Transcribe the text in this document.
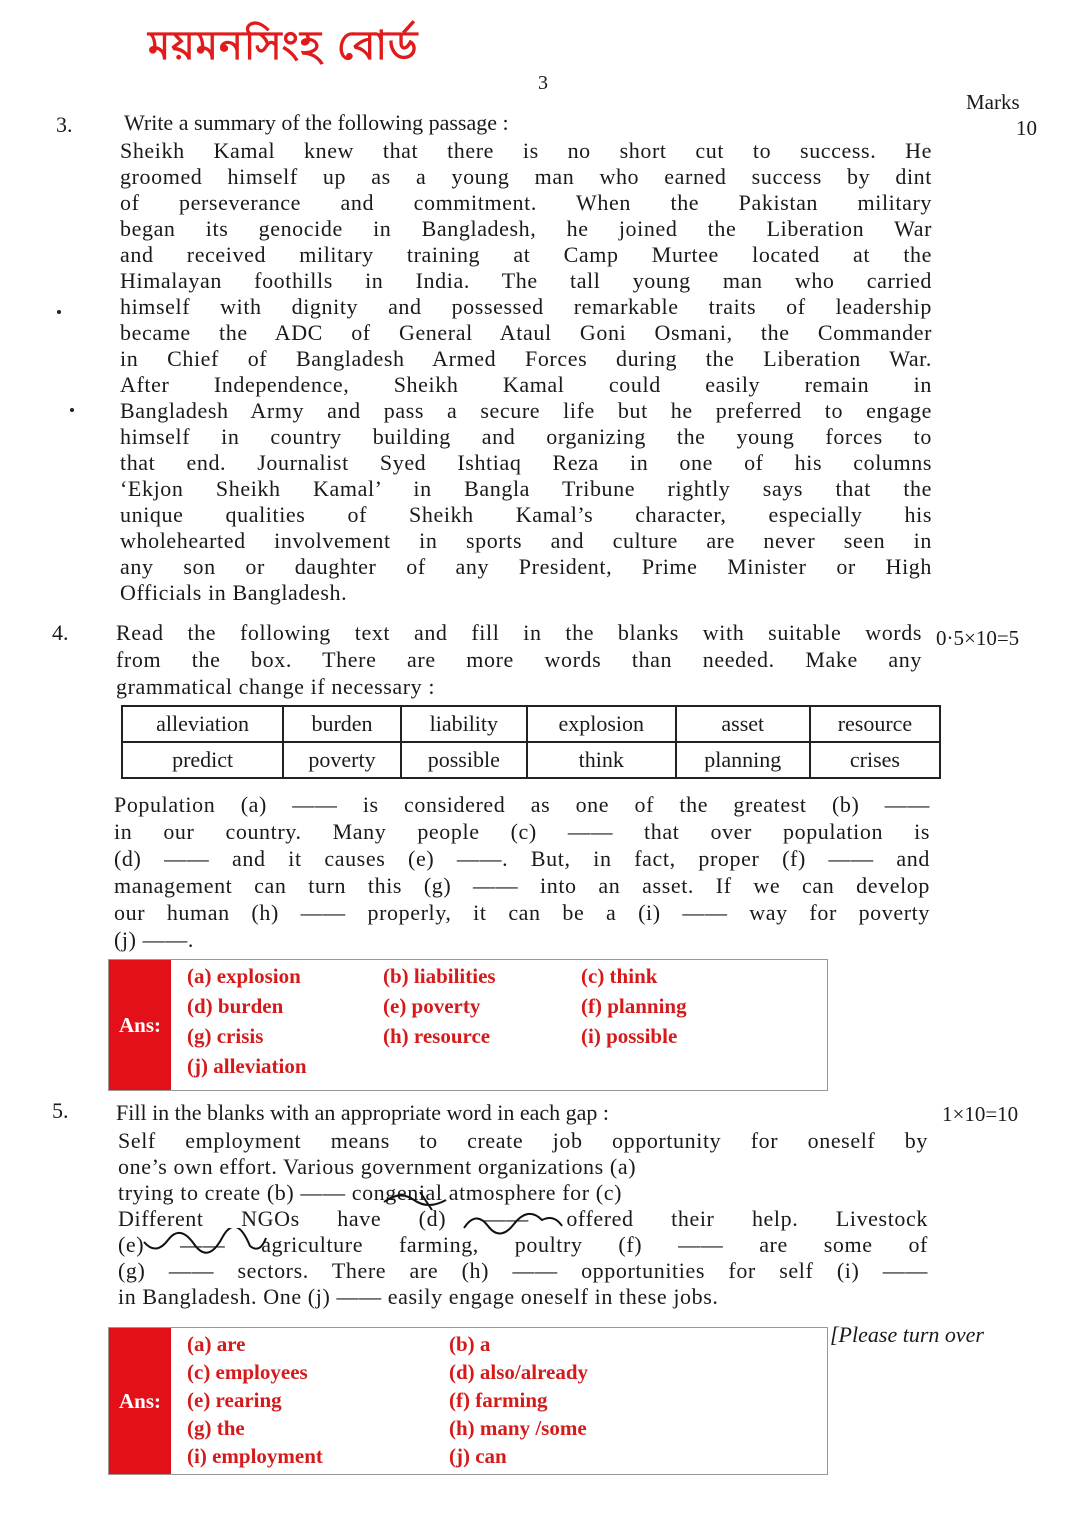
ময়মনসিংহ বোর্ড
3
Marks
3.	10
Write a summary of the following passage :
Sheikh Kamal knew that there is no short cut to success. He
groomed himself up as a young man who earned success by dint
of perseverance and commitment. When the Pakistan military
began its genocide in Bangladesh, he joined the Liberation War
and received military training at Camp Murtee located at the
Himalayan foothills in India. The tall young man who carried
himself with dignity and possessed remarkable traits of leadership
became the ADC of General Ataul Goni Osmani, the Commander
in Chief of Bangladesh Armed Forces during the Liberation War.
After Independence, Sheikh Kamal could easily remain in
Bangladesh Army and pass a secure life but he preferred to engage
himself in country building and organizing the young forces to
that end. Journalist Syed Ishtiaq Reza in one of his columns
‘Ekjon Sheikh Kamal’ in Bangla Tribune rightly says that the
unique qualities of Sheikh Kamal’s character, especially his
wholehearted involvement in sports and culture are never seen in
any son or daughter of any President, Prime Minister or High
Officials in Bangladesh.
4.	0·5×10=5
Read the following text and fill in the blanks with suitable words
from the box. There are more words than needed. Make any
grammatical change if necessary :
alleviation	burden	liability	explosion	asset	resource
predict	poverty	possible	think	planning	crises
Population (a) —— is considered as one of the greatest (b) ——
in our country. Many people (c) —— that over population is
(d) —— and it causes (e) ——. But, in fact, proper (f) —— and
management can turn this (g) —— into an asset. If we can develop
our human (h) —— properly, it can be a (i) —— way for poverty
(j) ——.
Ans:
(a) explosion	(b) liabilities	(c) think
(d) burden	(e) poverty	(f) planning
(g) crisis	(h) resource	(i) possible
(j) alleviation
5.	1×10=10
Fill in the blanks with an appropriate word in each gap :
Self employment means to create job opportunity for oneself by
one’s own effort. Various government organizations (a)
trying to create (b) —— congenial atmosphere for (c)
Different NGOs have (d) —— offered their help. Livestock
(e) —— agriculture farming, poultry (f) —— are some of
(g) —— sectors. There are (h) —— opportunities for self (i) ——
in Bangladesh. One (j) —— easily engage oneself in these jobs.
[Please turn over
Ans:
(a) are	(b) a
(c) employees	(d) also/already
(e) rearing	(f) farming
(g) the	(h) many /some
(i) employment	(j) can
